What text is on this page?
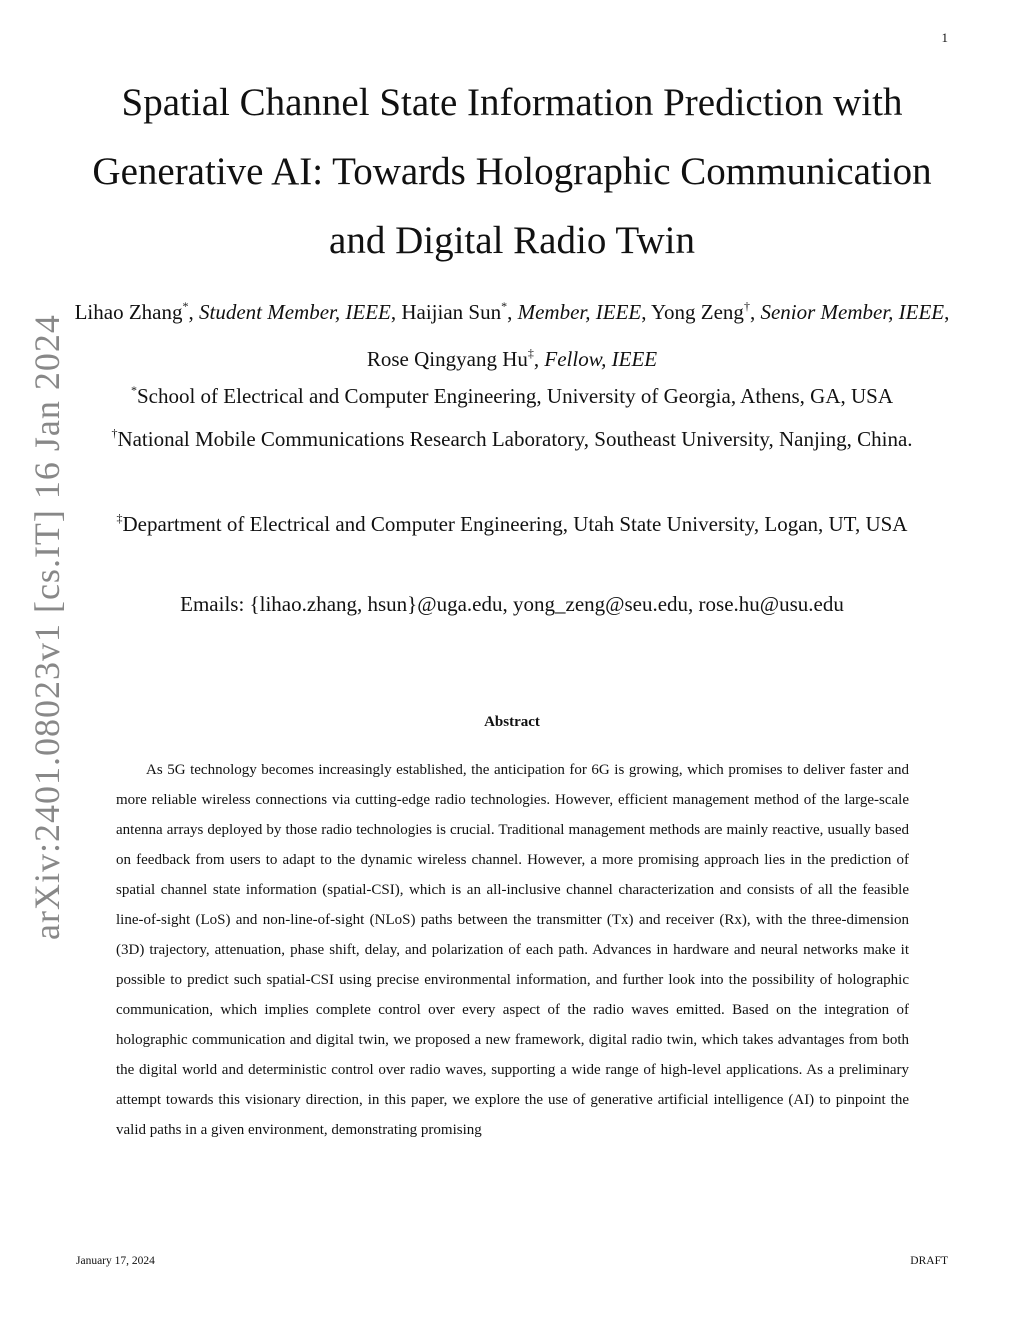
1
arXiv:2401.08023v1 [cs.IT] 16 Jan 2024
Spatial Channel State Information Prediction with Generative AI: Towards Holographic Communication and Digital Radio Twin
Lihao Zhang*, Student Member, IEEE, Haijian Sun*, Member, IEEE, Yong Zeng†, Senior Member, IEEE, Rose Qingyang Hu‡, Fellow, IEEE
*School of Electrical and Computer Engineering, University of Georgia, Athens, GA, USA
†National Mobile Communications Research Laboratory, Southeast University, Nanjing, China.
‡Department of Electrical and Computer Engineering, Utah State University, Logan, UT, USA
Emails: {lihao.zhang, hsun}@uga.edu, yong_zeng@seu.edu, rose.hu@usu.edu
Abstract

As 5G technology becomes increasingly established, the anticipation for 6G is growing, which promises to deliver faster and more reliable wireless connections via cutting-edge radio technologies. However, efficient management method of the large-scale antenna arrays deployed by those radio technologies is crucial. Traditional management methods are mainly reactive, usually based on feedback from users to adapt to the dynamic wireless channel. However, a more promising approach lies in the prediction of spatial channel state information (spatial-CSI), which is an all-inclusive channel characterization and consists of all the feasible line-of-sight (LoS) and non-line-of-sight (NLoS) paths between the transmitter (Tx) and receiver (Rx), with the three-dimension (3D) trajectory, attenuation, phase shift, delay, and polarization of each path. Advances in hardware and neural networks make it possible to predict such spatial-CSI using precise environmental information, and further look into the possibility of holographic communication, which implies complete control over every aspect of the radio waves emitted. Based on the integration of holographic communication and digital twin, we proposed a new framework, digital radio twin, which takes advantages from both the digital world and deterministic control over radio waves, supporting a wide range of high-level applications. As a preliminary attempt towards this visionary direction, in this paper, we explore the use of generative artificial intelligence (AI) to pinpoint the valid paths in a given environment, demonstrating promising

January 17, 2024	DRAFT
